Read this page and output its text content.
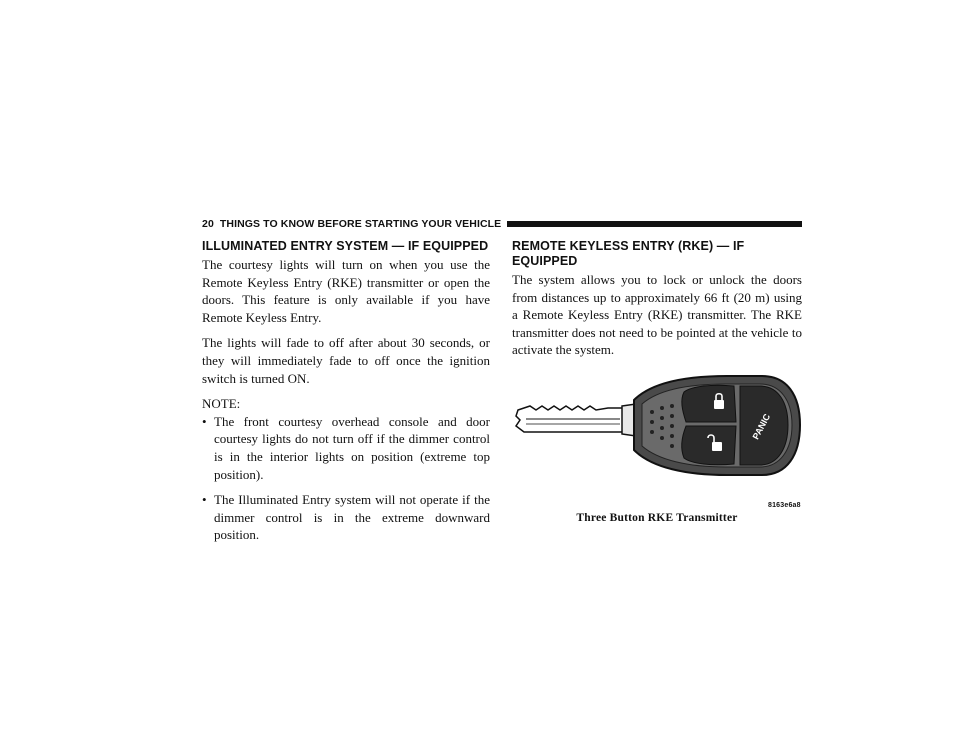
20 THINGS TO KNOW BEFORE STARTING YOUR VEHICLE
ILLUMINATED ENTRY SYSTEM — IF EQUIPPED

The courtesy lights will turn on when you use the Remote Keyless Entry (RKE) transmitter or open the doors. This feature is only available if you have Remote Keyless Entry.

The lights will fade to off after about 30 seconds, or they will immediately fade to off once the ignition switch is turned ON.

NOTE:

• The front courtesy overhead console and door courtesy lights do not turn off if the dimmer control is in the interior lights on position (extreme top position).
• The Illuminated Entry system will not operate if the dimmer control is in the extreme downward position.
REMOTE KEYLESS ENTRY (RKE) — IF EQUIPPED

The system allows you to lock or unlock the doors from distances up to approximately 66 ft (20 m) using a Remote Keyless Entry (RKE) transmitter. The RKE transmitter does not need to be pointed at the vehicle to activate the system.

PANIC
8163e6a8
Three Button RKE Transmitter
